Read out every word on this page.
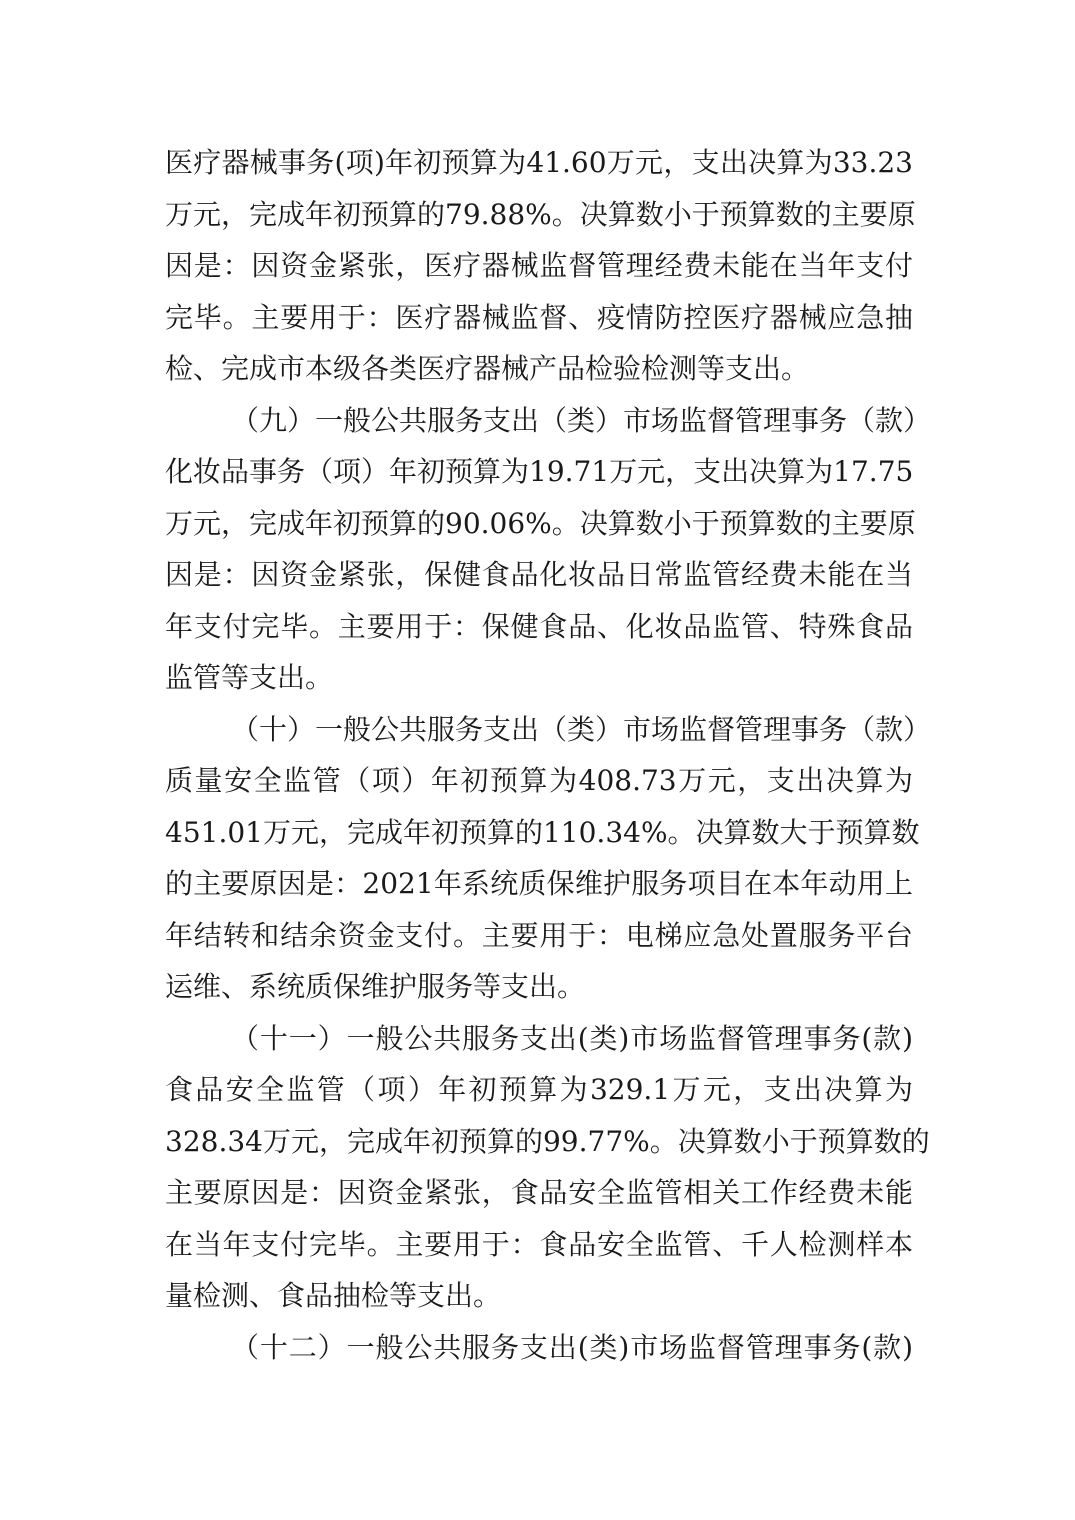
医疗器械事务(项)年初预算为41.60万元，支出决算为33.23
万元，完成年初预算的79.88%。决算数小于预算数的主要原
因是：因资金紧张，医疗器械监督管理经费未能在当年支付
完毕。主要用于：医疗器械监督、疫情防控医疗器械应急抽
检、完成市本级各类医疗器械产品检验检测等支出。
（九）一般公共服务支出（类）市场监督管理事务（款）
化妆品事务（项）年初预算为19.71万元，支出决算为17.75
万元，完成年初预算的90.06%。决算数小于预算数的主要原
因是：因资金紧张，保健食品化妆品日常监管经费未能在当
年支付完毕。主要用于：保健食品、化妆品监管、特殊食品
监管等支出。
（十）一般公共服务支出（类）市场监督管理事务（款）
质量安全监管（项）年初预算为408.73万元，支出决算为
451.01万元，完成年初预算的110.34%。决算数大于预算数
的主要原因是：2021年系统质保维护服务项目在本年动用上
年结转和结余资金支付。主要用于：电梯应急处置服务平台
运维、系统质保维护服务等支出。
（十一）一般公共服务支出(类)市场监督管理事务(款)
食品安全监管（项）年初预算为329.1万元，支出决算为
328.34万元，完成年初预算的99.77%。决算数小于预算数的
主要原因是：因资金紧张，食品安全监管相关工作经费未能
在当年支付完毕。主要用于：食品安全监管、千人检测样本
量检测、食品抽检等支出。
（十二）一般公共服务支出(类)市场监督管理事务(款)
